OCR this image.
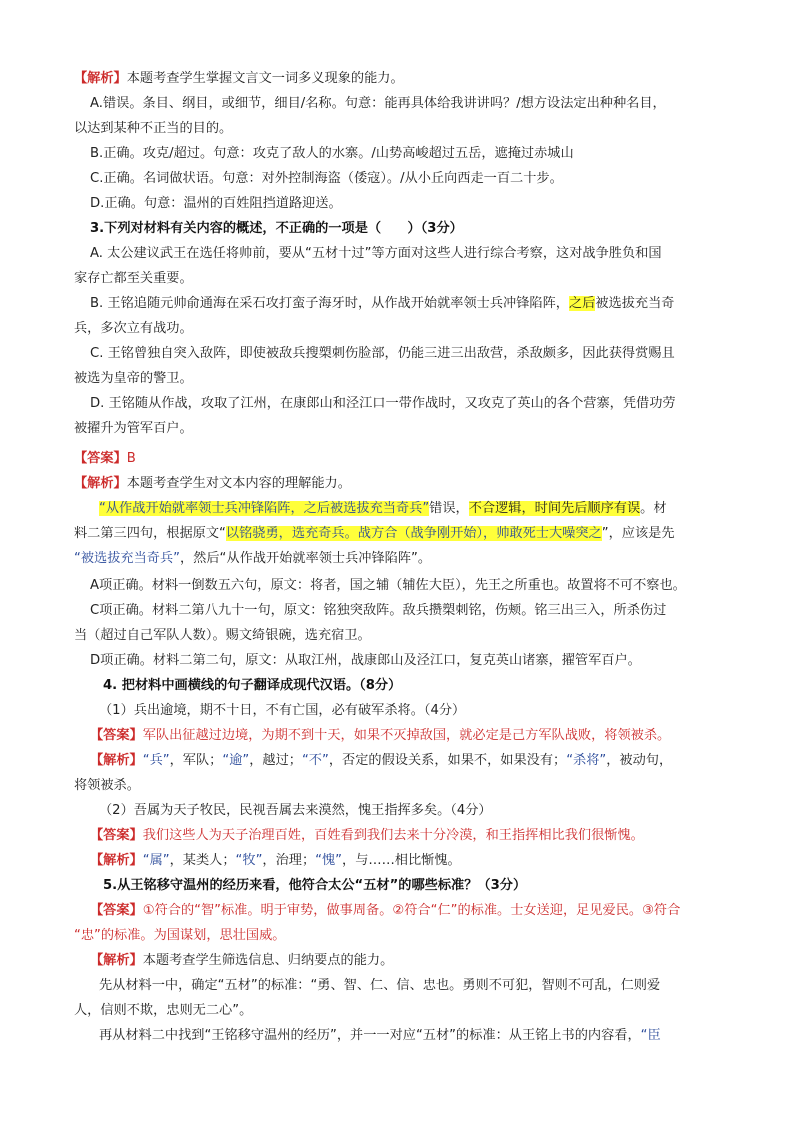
【解析】本题考查学生掌握文言文一词多义现象的能力。
A.错误。条目、纲目，或细节，细目/名称。句意：能再具体给我讲讲吗？/想方设法定出种种名目，
以达到某种不正当的目的。
B.正确。攻克/超过。句意：攻克了敌人的水寨。/山势高峻超过五岳，遮掩过赤城山
C.正确。名词做状语。句意：对外控制海盗（倭寇）。/从小丘向西走一百二十步。
D.正确。句意：温州的百姓阻挡道路迎送。
3.下列对材料有关内容的概述，不正确的一项是（　　）（3分）
A. 太公建议武王在选任将帅前，要从“五材十过”等方面对这些人进行综合考察，这对战争胜负和国
家存亡都至关重要。
B. 王铭追随元帅俞通海在采石攻打蛮子海牙时，从作战开始就率领士兵冲锋陷阵，之后被选拔充当奇
兵，多次立有战功。
C. 王铭曾独自突入敌阵，即使被敌兵搜槊刺伤脸部，仍能三进三出敌营，杀敌颇多，因此获得赏赐且
被选为皇帝的警卫。
D. 王铭随从作战，攻取了江州，在康郎山和泾江口一带作战时，又攻克了英山的各个营寨，凭借功劳
被擢升为管军百户。
【答案】B
【解析】本题考查学生对文本内容的理解能力。
“从作战开始就率领士兵冲锋陷阵，之后被选拔充当奇兵”错误，不合逻辑，时间先后顺序有误。材
料二第三四句，根据原文“以铭骁勇，选充奇兵。战方合（战争刚开始），帅敢死士大噪突之”，应该是先
“被选拔充当奇兵”，然后“从作战开始就率领士兵冲锋陷阵”。
A项正确。材料一倒数五六句，原文：将者，国之辅（辅佐大臣），先王之所重也。故置将不可不察也。
C项正确。材料二第八九十一句，原文：铭独突敌阵。敌兵攒槊刺铭，伤颊。铭三出三入，所杀伤过
当（超过自己军队人数）。赐文绮银碗，选充宿卫。
D项正确。材料二第二句，原文：从取江州，战康郎山及泾江口，复克英山诸寨，擢管军百户。
4. 把材料中画横线的句子翻译成现代汉语。（8分）
（1）兵出逾境，期不十日，不有亡国，必有破军杀将。（4分）
【答案】军队出征越过边境，为期不到十天，如果不灭掉敌国，就必定是己方军队战败，将领被杀。
【解析】“兵”，军队；“逾”，越过；“不”，否定的假设关系，如果不，如果没有；“杀将”，被动句，
将领被杀。
（2）吾属为天子牧民，民视吾属去来漠然，愧王指挥多矣。（4分）
【答案】我们这些人为天子治理百姓，百姓看到我们去来十分冷漠，和王指挥相比我们很惭愧。
【解析】“属”，某类人；“牧”，治理；“愧”，与……相比惭愧。
5.从王铭移守温州的经历来看，他符合太公“五材”的哪些标准？（3分）
【答案】①符合的“智”标准。明于审势，做事周备。②符合“仁”的标准。士女送迎，足见爱民。③符合
“忠”的标准。为国谋划，思壮国威。
【解析】本题考查学生筛选信息、归纳要点的能力。
先从材料一中，确定“五材”的标准：“勇、智、仁、信、忠也。勇则不可犯，智则不可乱，仁则爱
人，信则不欺，忠则无二心”。
再从材料二中找到“王铭移守温州的经历”，并一一对应“五材”的标准：从王铭上书的内容看，“臣
